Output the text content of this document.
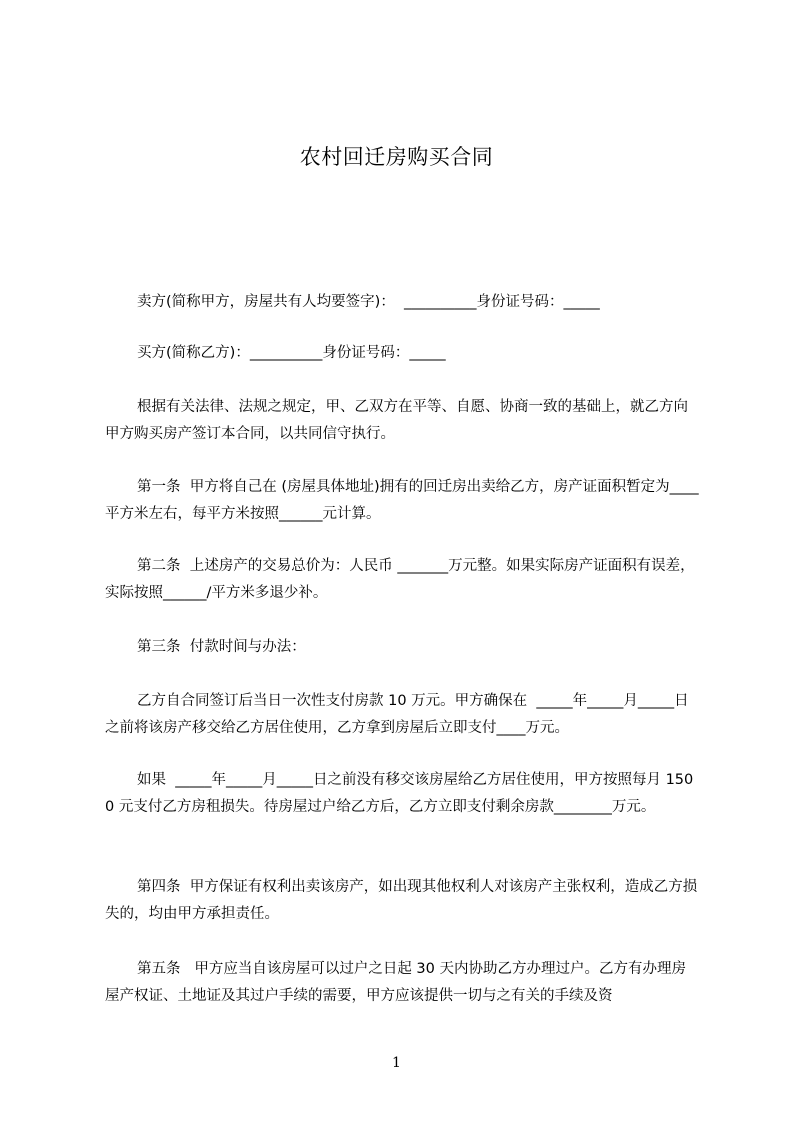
农村回迁房购买合同
卖方(简称甲方，房屋共有人均要签字)：  __________身份证号码：_____
买方(简称乙方)：__________身份证号码：_____
根据有关法律、法规之规定，甲、乙双方在平等、自愿、协商一致的基础上，就乙方向甲方购买房产签订本合同，以共同信守执行。
第一条  甲方将自己在 (房屋具体地址)拥有的回迁房出卖给乙方，房产证面积暂定为____ 平方米左右，每平方米按照______元计算。
第二条  上述房产的交易总价为：人民币 _______万元整。如果实际房产证面积有误差，实际按照______/平方米多退少补。
第三条  付款时间与办法：
乙方自合同签订后当日一次性支付房款 10 万元。甲方确保在  _____年_____月_____日之前将该房产移交给乙方居住使用，乙方拿到房屋后立即支付____万元。
如果  _____年_____月_____日之前没有移交该房屋给乙方居住使用，甲方按照每月 1500 元支付乙方房租损失。待房屋过户给乙方后，乙方立即支付剩余房款________万元。
第四条  甲方保证有权利出卖该房产，如出现其他权利人对该房产主张权利，造成乙方损失的，均由甲方承担责任。
第五条   甲方应当自该房屋可以过户之日起 30 天内协助乙方办理过户。乙方有办理房屋产权证、土地证及其过户手续的需要，甲方应该提供一切与之有关的手续及资
1
